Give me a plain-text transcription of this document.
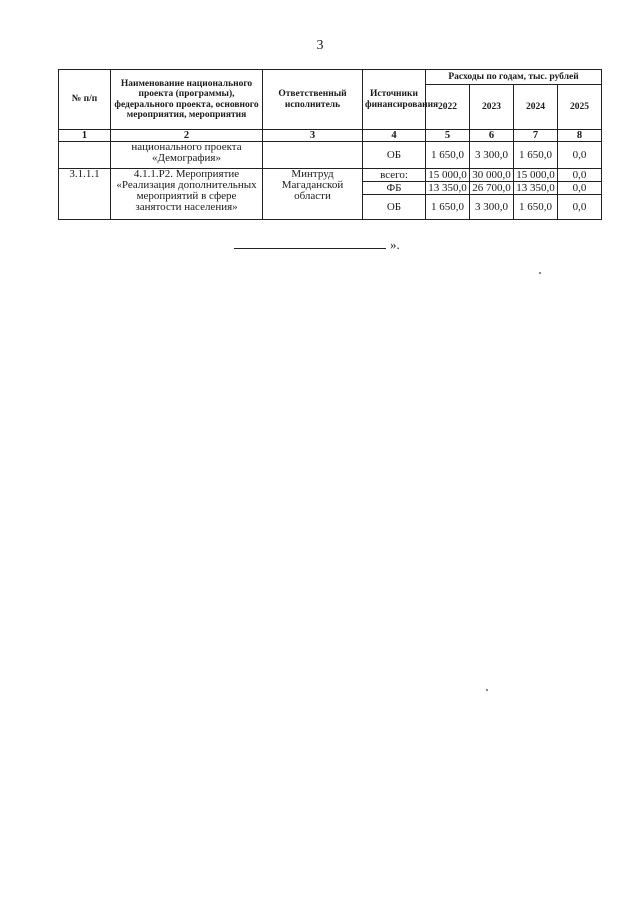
3
№ п/п	Наименование национального проекта (программы), федерального проекта, основного мероприятия, мероприятия	Ответственный исполнитель	Источники финансирования	Расходы по годам, тыс. рублей			
				2022	2023	2024	2025
1	2	3	4	5	6	7	8
	национального проекта «Демография»		ОБ	1 650,0	3 300,0	1 650,0	0,0
3.1.1.1	4.1.1.Р2. Мероприятие «Реализация дополнительных мероприятий в сфере занятости населения»	Минтруд Магаданской области	всего:	15 000,0	30 000,0	15 000,0	0,0
			ФБ	13 350,0	26 700,0	13 350,0	0,0
			ОБ	1 650,0	3 300,0	1 650,0	0,0
».
